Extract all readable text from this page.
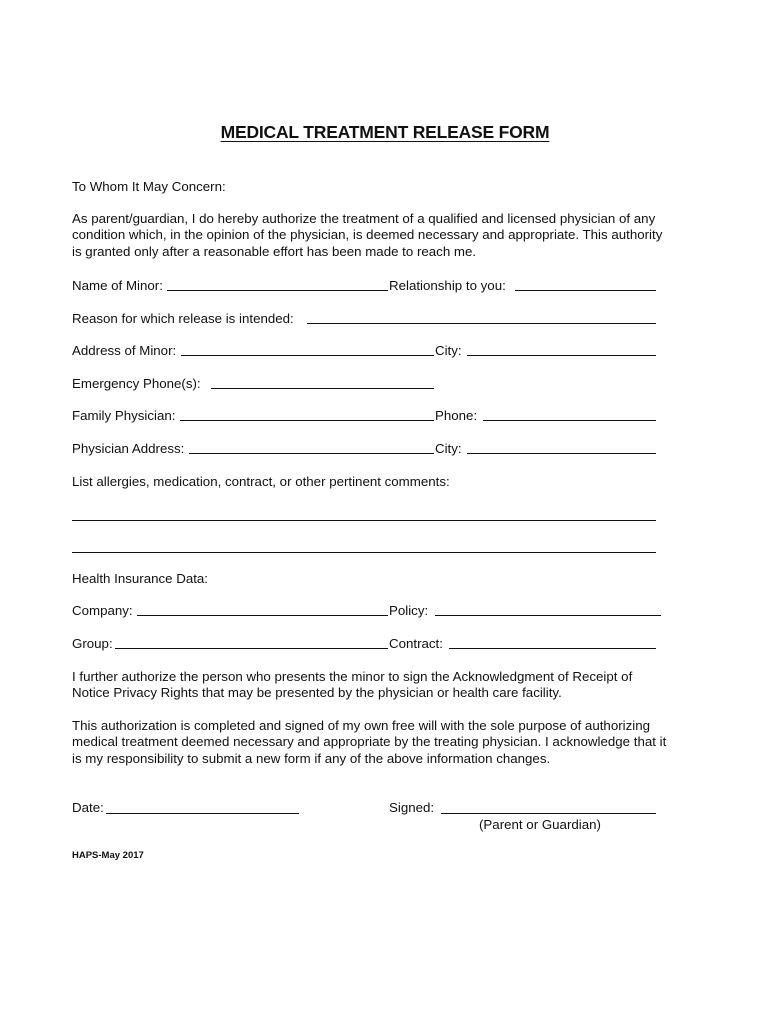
MEDICAL TREATMENT RELEASE FORM
To Whom It May Concern:
As parent/guardian, I do hereby authorize the treatment of a qualified and licensed physician of any
condition which, in the opinion of the physician, is deemed necessary and appropriate. This authority
is granted only after a reasonable effort has been made to reach me.
Name of Minor:	Relationship to you:
Reason for which release is intended:
Address of Minor:	City:
Emergency Phone(s):
Family Physician:	Phone:
Physician Address:	City:
List allergies, medication, contract, or other pertinent comments:
Health Insurance Data:
Company:	Policy:
Group:	Contract:
I further authorize the person who presents the minor to sign the Acknowledgment of Receipt of
Notice Privacy Rights that may be presented by the physician or health care facility.
This authorization is completed and signed of my own free will with the sole purpose of authorizing
medical treatment deemed necessary and appropriate by the treating physician. I acknowledge that it
is my responsibility to submit a new form if any of the above information changes.
Date:	Signed:
(Parent or Guardian)
HAPS-May 2017
